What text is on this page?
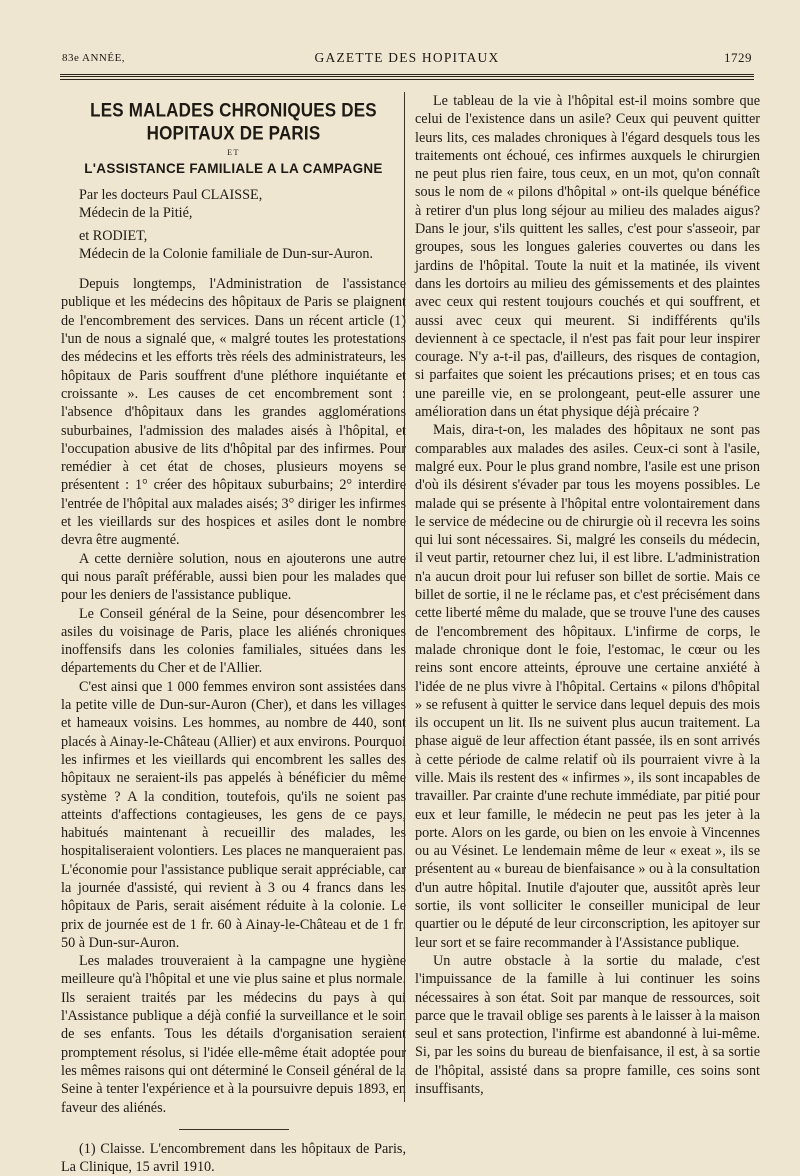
83e ANNÉE,	GAZETTE DES HOPITAUX	1729
LES MALADES CHRONIQUES DES HOPITAUX DE PARIS
ET
L'ASSISTANCE FAMILIALE A LA CAMPAGNE

Par les docteurs Paul CLAISSE,

Médecin de la Pitié,

et RODIET,

Médecin de la Colonie familiale de Dun-sur-Auron.

Depuis longtemps, l'Administration de l'assistance publique et les médecins des hôpitaux de Paris se plaignent de l'encombrement des services. Dans un récent article (1) l'un de nous a signalé que, « malgré toutes les protestations des médecins et les efforts très réels des administrateurs, les hôpitaux de Paris souffrent d'une pléthore inquiétante et croissante ». Les causes de cet encombrement sont : l'absence d'hôpitaux dans les grandes agglomérations suburbaines, l'admission des malades aisés à l'hôpital, et l'occupation abusive de lits d'hôpital par des infirmes. Pour remédier à cet état de choses, plusieurs moyens se présentent : 1° créer des hôpitaux suburbains; 2° interdire l'entrée de l'hôpital aux malades aisés; 3° diriger les infirmes et les vieillards sur des hospices et asiles dont le nombre devra être augmenté.

A cette dernière solution, nous en ajouterons une autre qui nous paraît préférable, aussi bien pour les malades que pour les deniers de l'assistance publique.

Le Conseil général de la Seine, pour désencombrer les asiles du voisinage de Paris, place les aliénés chroniques inoffensifs dans les colonies familiales, situées dans les départements du Cher et de l'Allier.

C'est ainsi que 1 000 femmes environ sont assistées dans la petite ville de Dun-sur-Auron (Cher), et dans les villages et hameaux voisins. Les hommes, au nombre de 440, sont placés à Ainay-le-Château (Allier) et aux environs. Pourquoi les infirmes et les vieillards qui encombrent les salles des hôpitaux ne seraient-ils pas appelés à bénéficier du même système ? A la condition, toutefois, qu'ils ne soient pas atteints d'affections contagieuses, les gens de ce pays, habitués maintenant à recueillir des malades, les hospitaliseraient volontiers. Les places ne manqueraient pas. L'économie pour l'assistance publique serait appréciable, car la journée d'assisté, qui revient à 3 ou 4 francs dans les hôpitaux de Paris, serait aisément réduite à la colonie. Le prix de journée est de 1 fr. 60 à Ainay-le-Château et de 1 fr. 50 à Dun-sur-Auron.

Les malades trouveraient à la campagne une hygiène meilleure qu'à l'hôpital et une vie plus saine et plus normale. Ils seraient traités par les médecins du pays à qui l'Assistance publique a déjà confié la surveillance et le soin de ses enfants. Tous les détails d'organisation seraient promptement résolus, si l'idée elle-même était adoptée pour les mêmes raisons qui ont déterminé le Conseil général de la Seine à tenter l'expérience et à la poursuivre depuis 1893, en faveur des aliénés.

(1) Claisse. L'encombrement dans les hôpitaux de Paris, La Clinique, 15 avril 1910.

Le tableau de la vie à l'hôpital est-il moins sombre que celui de l'existence dans un asile? Ceux qui peuvent quitter leurs lits, ces malades chroniques à l'égard desquels tous les traitements ont échoué, ces infirmes auxquels le chirurgien ne peut plus rien faire, tous ceux, en un mot, qu'on connaît sous le nom de « pilons d'hôpital » ont-ils quelque bénéfice à retirer d'un plus long séjour au milieu des malades aigus? Dans le jour, s'ils quittent les salles, c'est pour s'asseoir, par groupes, sous les longues galeries couvertes ou dans les jardins de l'hôpital. Toute la nuit et la matinée, ils vivent dans les dortoirs au milieu des gémissements et des plaintes avec ceux qui restent toujours couchés et qui souffrent, et aussi avec ceux qui meurent. Si indifférents qu'ils deviennent à ce spectacle, il n'est pas fait pour leur inspirer courage. N'y a-t-il pas, d'ailleurs, des risques de contagion, si parfaites que soient les précautions prises; et en tous cas une pareille vie, en se prolongeant, peut-elle assurer une amélioration dans un état physique déjà précaire ?

Mais, dira-t-on, les malades des hôpitaux ne sont pas comparables aux malades des asiles. Ceux-ci sont à l'asile, malgré eux. Pour le plus grand nombre, l'asile est une prison d'où ils désirent s'évader par tous les moyens possibles. Le malade qui se présente à l'hôpital entre volontairement dans le service de médecine ou de chirurgie où il recevra les soins qui lui sont nécessaires. Si, malgré les conseils du médecin, il veut partir, retourner chez lui, il est libre. L'administration n'a aucun droit pour lui refuser son billet de sortie. Mais ce billet de sortie, il ne le réclame pas, et c'est précisément dans cette liberté même du malade, que se trouve l'une des causes de l'encombrement des hôpitaux. L'infirme de corps, le malade chronique dont le foie, l'estomac, le cœur ou les reins sont encore atteints, éprouve une certaine anxiété à l'idée de ne plus vivre à l'hôpital. Certains « pilons d'hôpital » se refusent à quitter le service dans lequel depuis des mois ils occupent un lit. Ils ne suivent plus aucun traitement. La phase aiguë de leur affection étant passée, ils en sont arrivés à cette période de calme relatif où ils pourraient vivre à la ville. Mais ils restent des « infirmes », ils sont incapables de travailler. Par crainte d'une rechute immédiate, par pitié pour eux et leur famille, le médecin ne peut pas les jeter à la porte. Alors on les garde, ou bien on les envoie à Vincennes ou au Vésinet. Le lendemain même de leur « exeat », ils se présentent au « bureau de bienfaisance » ou à la consultation d'un autre hôpital. Inutile d'ajouter que, aussitôt après leur sortie, ils vont solliciter le conseiller municipal de leur quartier ou le député de leur circonscription, les apitoyer sur leur sort et se faire recommander à l'Assistance publique.

Un autre obstacle à la sortie du malade, c'est l'impuissance de la famille à lui continuer les soins nécessaires à son état. Soit par manque de ressources, soit parce que le travail oblige ses parents à le laisser à la maison seul et sans protection, l'infirme est abandonné à lui-même. Si, par les soins du bureau de bienfaisance, il est, à sa sortie de l'hôpital, assisté dans sa propre famille, ces soins sont insuffisants,
